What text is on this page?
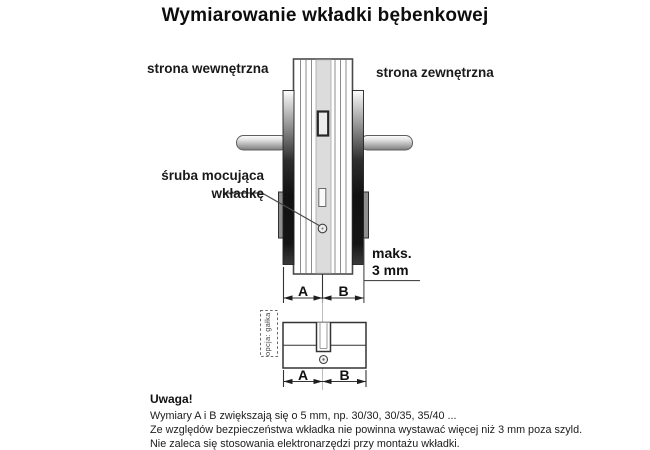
Wymiarowanie wkładki bębenkowej
strona wewnętrzna	strona zewnętrzna
śruba mocująca
wkładkę
maks.
3 mm
A	B
A	B
opcja: gałka
Uwaga!
Wymiary A i B zwiększają się o 5 mm, np. 30/30, 30/35, 35/40 ...
Ze względów bezpieczeństwa wkładka nie powinna wystawać więcej niż 3 mm poza szyld.
Nie zaleca się stosowania elektronarzędzi przy montażu wkładki.
